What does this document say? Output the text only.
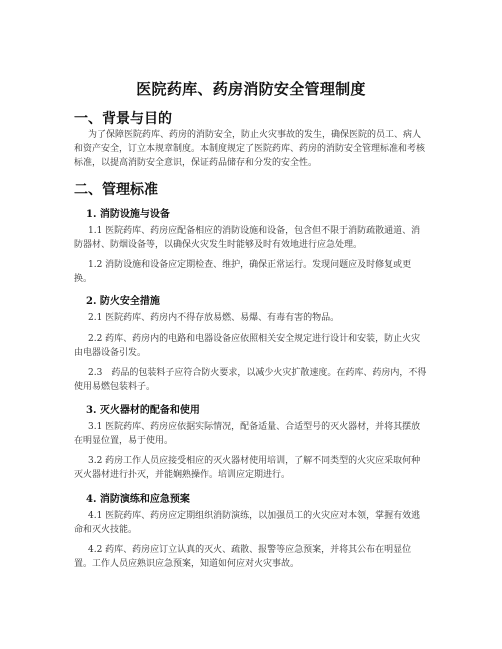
医院药库、药房消防安全管理制度
一、背景与目的
为了保障医院药库、药房的消防安全，防止火灾事故的发生，确保医院的员工、病人和资产安全，订立本规章制度。本制度规定了医院药库、药房的消防安全管理标准和考核标准，以提高消防安全意识，保证药品储存和分发的安全性。
二、管理标准
1. 消防设施与设备
1.1 医院药库、药房应配备相应的消防设施和设备，包含但不限于消防疏散通道、消防器材、防烟设备等，以确保火灾发生时能够及时有效地进行应急处理。
1.2 消防设施和设备应定期检查、维护，确保正常运行。发现问题应及时修复或更换。
2. 防火安全措施
2.1 医院药库、药房内不得存放易燃、易爆、有毒有害的物品。
2.2 药库、药房内的电路和电器设备应依照相关安全规定进行设计和安装，防止火灾由电器设备引发。
2.3　药品的包装料子应符合防火要求，以减少火灾扩散速度。在药库、药房内，不得使用易燃包装料子。
3. 灭火器材的配备和使用
3.1 医院药库、药房应依据实际情况，配备适量、合适型号的灭火器材，并将其摆放在明显位置，易于使用。
3.2 药房工作人员应接受相应的灭火器材使用培训，了解不同类型的火灾应采取何种灭火器材进行扑灭，并能娴熟操作。培训应定期进行。
4. 消防演练和应急预案
4.1 医院药库、药房应定期组织消防演练，以加强员工的火灾应对本领，掌握有效逃命和灭火技能。
4.2 药库、药房应订立认真的灭火、疏散、报警等应急预案，并将其公布在明显位置。工作人员应熟识应急预案，知道如何应对火灾事故。
